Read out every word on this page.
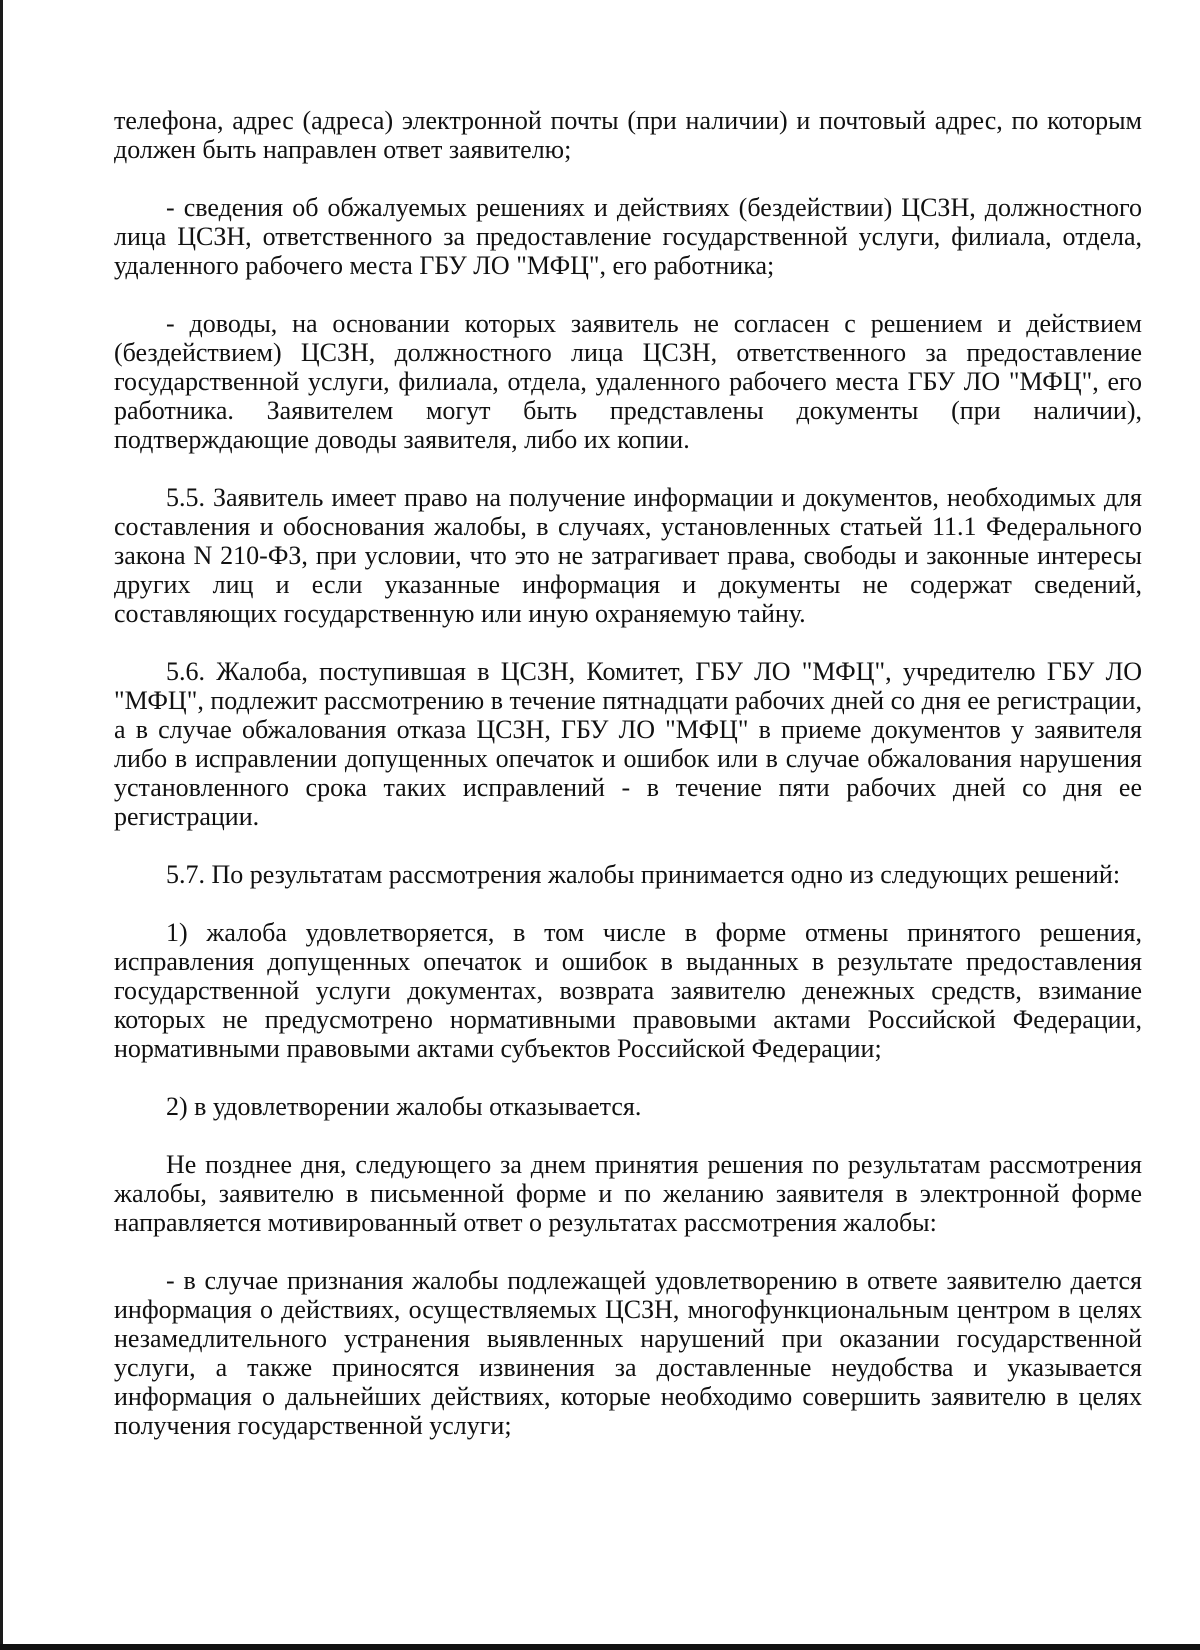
телефона, адрес (адреса) электронной почты (при наличии) и почтовый адрес, по которым должен быть направлен ответ заявителю;

- сведения об обжалуемых решениях и действиях (бездействии) ЦСЗН, должностного лица ЦСЗН, ответственного за предоставление государственной услуги, филиала, отдела, удаленного рабочего места ГБУ ЛО "МФЦ", его работника;

- доводы, на основании которых заявитель не согласен с решением и действием (бездействием) ЦСЗН, должностного лица ЦСЗН, ответственного за предоставление государственной услуги, филиала, отдела, удаленного рабочего места ГБУ ЛО "МФЦ", его работника. Заявителем могут быть представлены документы (при наличии), подтверждающие доводы заявителя, либо их копии.

5.5. Заявитель имеет право на получение информации и документов, необходимых для составления и обоснования жалобы, в случаях, установленных статьей 11.1 Федерального закона N 210-ФЗ, при условии, что это не затрагивает права, свободы и законные интересы других лиц и если указанные информация и документы не содержат сведений, составляющих государственную или иную охраняемую тайну.

5.6. Жалоба, поступившая в ЦСЗН, Комитет, ГБУ ЛО "МФЦ", учредителю ГБУ ЛО "МФЦ", подлежит рассмотрению в течение пятнадцати рабочих дней со дня ее регистрации, а в случае обжалования отказа ЦСЗН, ГБУ ЛО "МФЦ" в приеме документов у заявителя либо в исправлении допущенных опечаток и ошибок или в случае обжалования нарушения установленного срока таких исправлений - в течение пяти рабочих дней со дня ее регистрации.

5.7. По результатам рассмотрения жалобы принимается одно из следующих решений:

1) жалоба удовлетворяется, в том числе в форме отмены принятого решения, исправления допущенных опечаток и ошибок в выданных в результате предоставления государственной услуги документах, возврата заявителю денежных средств, взимание которых не предусмотрено нормативными правовыми актами Российской Федерации, нормативными правовыми актами субъектов Российской Федерации;

2) в удовлетворении жалобы отказывается.

Не позднее дня, следующего за днем принятия решения по результатам рассмотрения жалобы, заявителю в письменной форме и по желанию заявителя в электронной форме направляется мотивированный ответ о результатах рассмотрения жалобы:

- в случае признания жалобы подлежащей удовлетворению в ответе заявителю дается информация о действиях, осуществляемых ЦСЗН, многофункциональным центром в целях незамедлительного устранения выявленных нарушений при оказании государственной услуги, а также приносятся извинения за доставленные неудобства и указывается информация о дальнейших действиях, которые необходимо совершить заявителю в целях получения государственной услуги;
